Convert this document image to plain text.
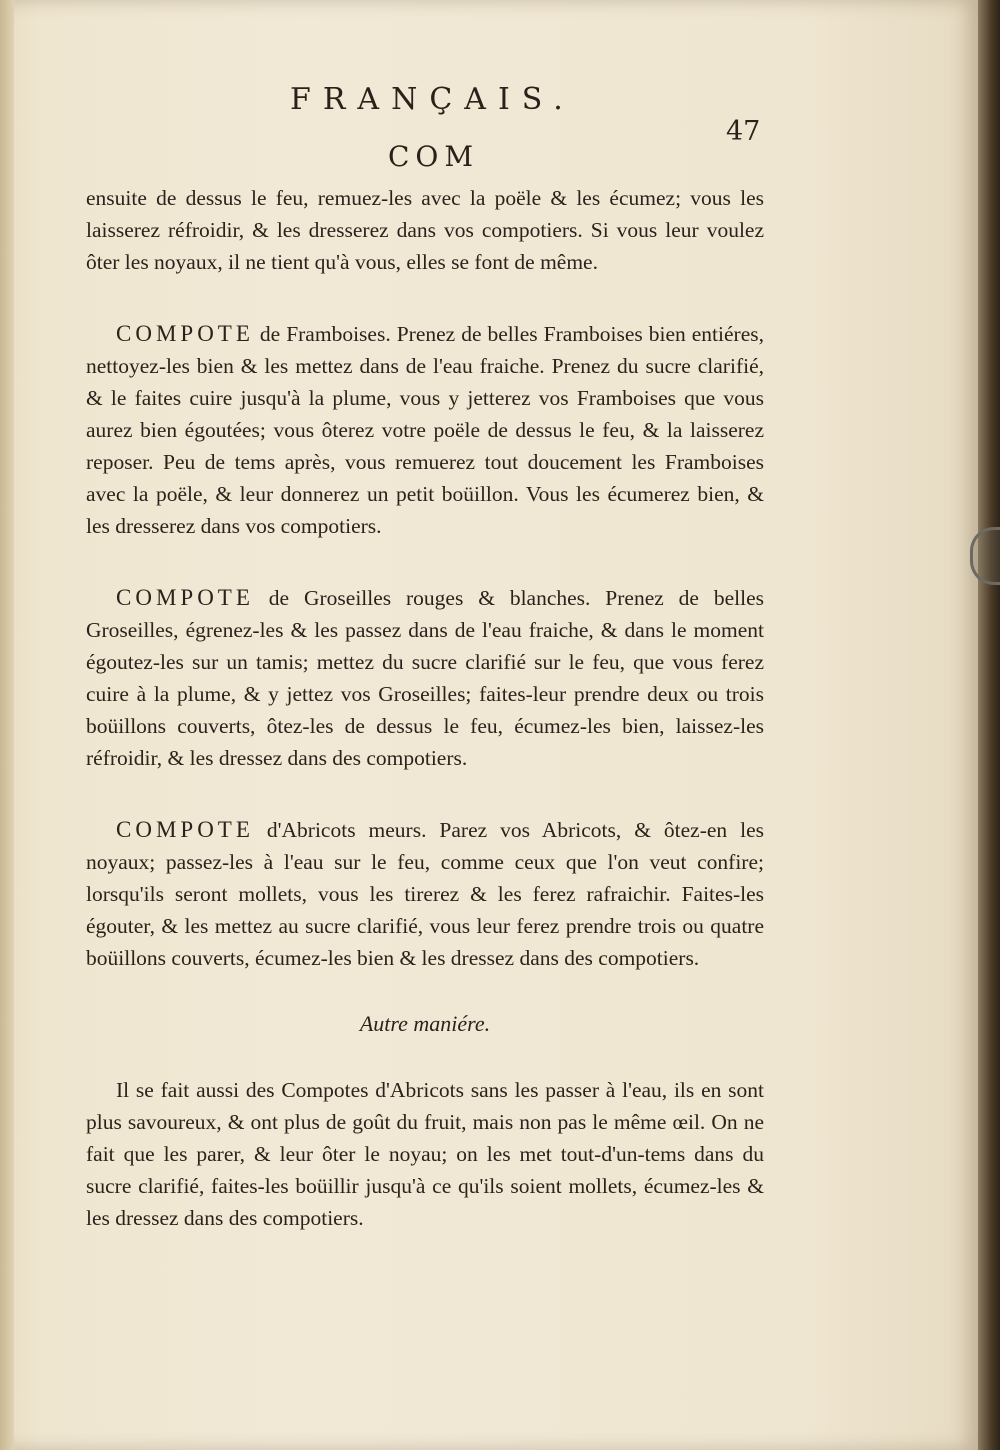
FRANÇAIS.
47
COM

ensuite de dessus le feu, remuez-les avec la poële & les écumez; vous les laisserez réfroidir, & les dresserez dans vos compotiers. Si vous leur voulez ôter les noyaux, il ne tient qu'à vous, elles se font de même.

COMPOTE de Framboises. Prenez de belles Framboises bien entiéres, nettoyez-les bien & les mettez dans de l'eau fraiche. Prenez du sucre clarifié, & le faites cuire jusqu'à la plume, vous y jetterez vos Framboises que vous aurez bien égoutées; vous ôterez votre poële de dessus le feu, & la laisserez reposer. Peu de tems après, vous remuerez tout doucement les Framboises avec la poële, & leur donnerez un petit boüillon. Vous les écumerez bien, & les dresserez dans vos compotiers.

COMPOTE de Groseilles rouges & blanches. Prenez de belles Groseilles, égrenez-les & les passez dans de l'eau fraiche, & dans le moment égoutez-les sur un tamis; mettez du sucre clarifié sur le feu, que vous ferez cuire à la plume, & y jettez vos Groseilles; faites-leur prendre deux ou trois boüillons couverts, ôtez-les de dessus le feu, écumez-les bien, laissez-les réfroidir, & les dressez dans des compotiers.

COMPOTE d'Abricots meurs. Parez vos Abricots, & ôtez-en les noyaux; passez-les à l'eau sur le feu, comme ceux que l'on veut confire; lorsqu'ils seront mollets, vous les tirerez & les ferez rafraichir. Faites-les égouter, & les mettez au sucre clarifié, vous leur ferez prendre trois ou quatre boüillons couverts, écumez-les bien & les dressez dans des compotiers.

Autre maniére.

Il se fait aussi des Compotes d'Abricots sans les passer à l'eau, ils en sont plus savoureux, & ont plus de goût du fruit, mais non pas le même œil. On ne fait que les parer, & leur ôter le noyau; on les met tout-d'un-tems dans du sucre clarifié, faites-les boüillir jusqu'à ce qu'ils soient mollets, écumez-les & les dressez dans des compotiers.
